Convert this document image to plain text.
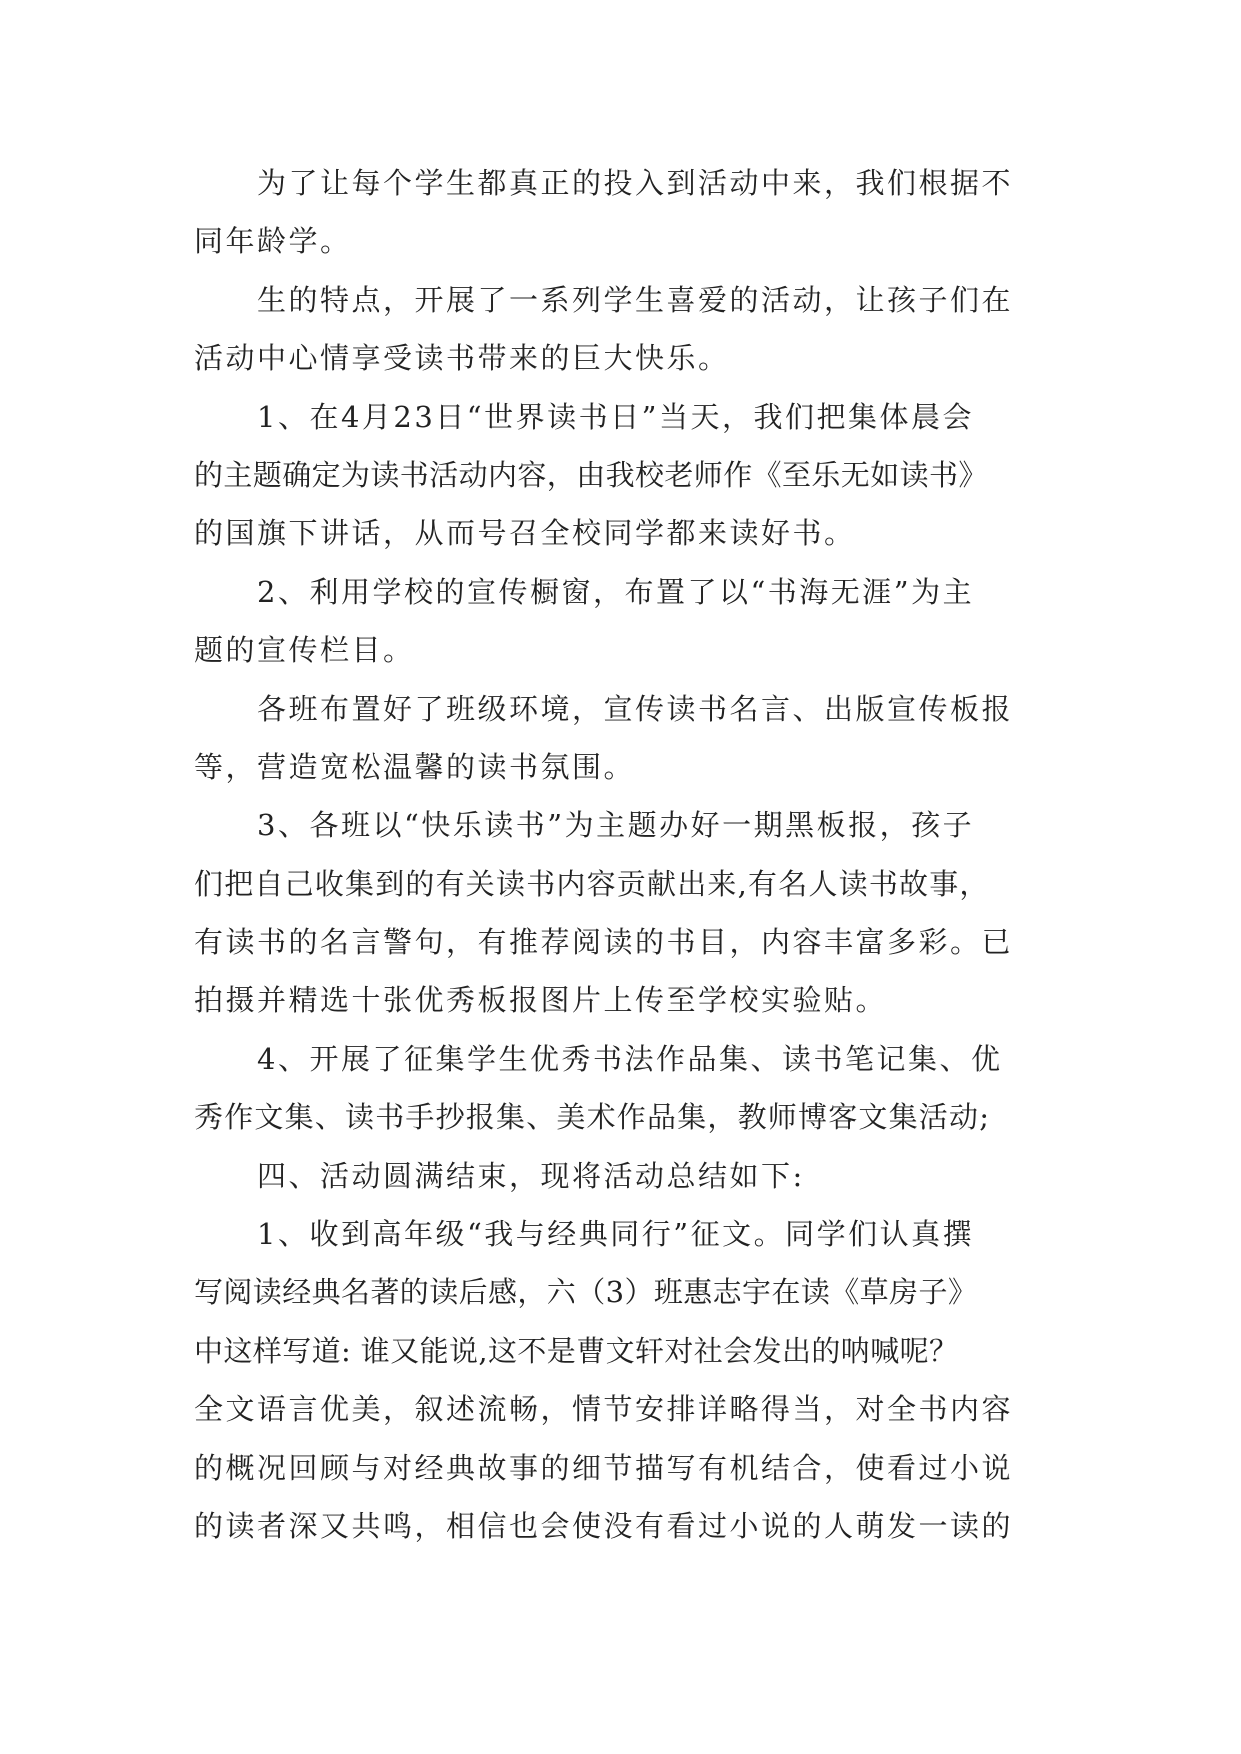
为了让每个学生都真正的投入到活动中来，我们根据不
同年龄学。
生的特点，开展了一系列学生喜爱的活动，让孩子们在
活动中心情享受读书带来的巨大快乐。
1、在4月23日“世界读书日”当天，我们把集体晨会
的主题确定为读书活动内容，由我校老师作《至乐无如读书》
的国旗下讲话，从而号召全校同学都来读好书。
2、利用学校的宣传橱窗，布置了以“书海无涯”为主
题的宣传栏目。
各班布置好了班级环境，宣传读书名言、出版宣传板报
等，营造宽松温馨的读书氛围。
3、各班以“快乐读书”为主题办好一期黑板报，孩子
们把自己收集到的有关读书内容贡献出来,有名人读书故事，
有读书的名言警句，有推荐阅读的书目，内容丰富多彩。已
拍摄并精选十张优秀板报图片上传至学校实验贴。
4、开展了征集学生优秀书法作品集、读书笔记集、优
秀作文集、读书手抄报集、美术作品集，教师博客文集活动;
四、活动圆满结束，现将活动总结如下:
1、收到高年级“我与经典同行”征文。同学们认真撰
写阅读经典名著的读后感，六（3）班惠志宇在读《草房子》
中这样写道: 谁又能说,这不是曹文轩对社会发出的呐喊呢？
全文语言优美，叙述流畅，情节安排详略得当，对全书内容
的概况回顾与对经典故事的细节描写有机结合，使看过小说
的读者深又共鸣，相信也会使没有看过小说的人萌发一读的
